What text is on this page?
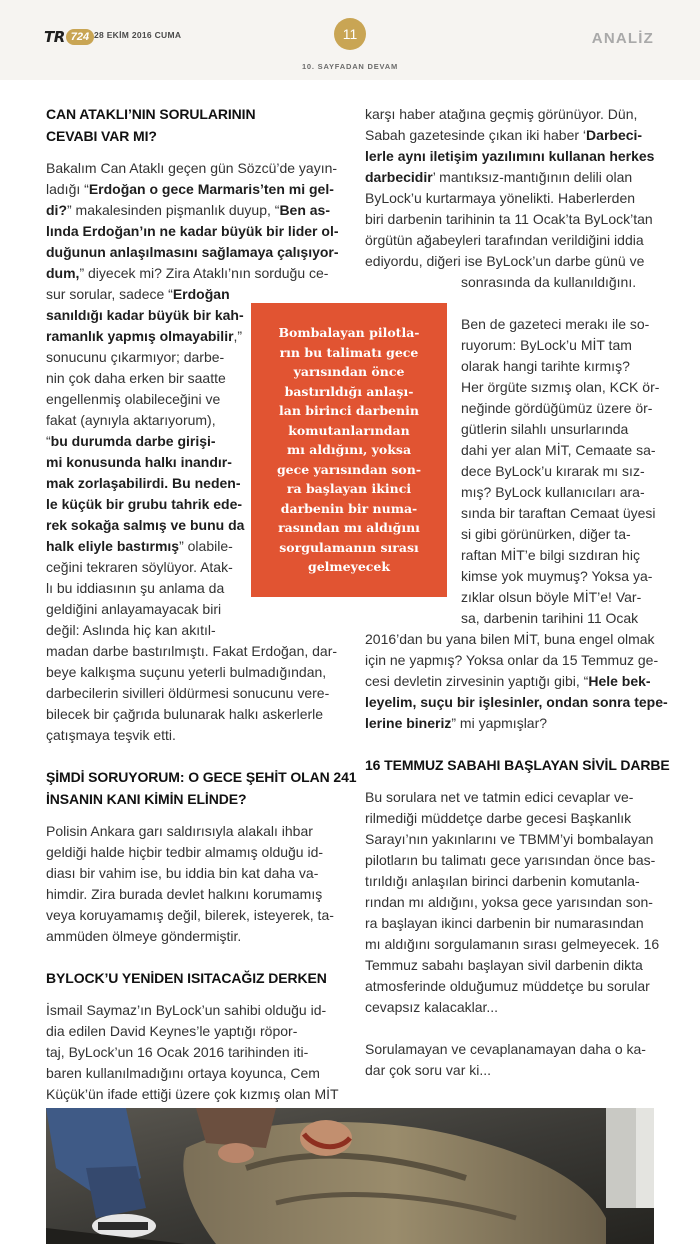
TR 724 28 EKİM 2016 CUMA	11
10. SAYFADAN DEVAM
ANALİZ
CAN ATAKLI’NIN SORULARININ
CEVABI VAR MI?
Bakalım Can Ataklı geçen gün Sözcü’de yayın-
ladığı “Erdoğan o gece Marmaris’ten mi gel-
di?” makalesinden pişmanlık duyup, “Ben as-
lında Erdoğan’ın ne kadar büyük bir lider ol-
duğunun anlaşılmasını sağlamaya çalışıyor-
dum,” diyecek mi? Zira Ataklı’nın sorduğu ce-
sur sorular, sadece “Erdoğan
sanıldığı kadar büyük bir kah-
ramanlık yapmış olmayabilir,”
sonucunu çıkarmıyor; darbe-
nin çok daha erken bir saatte
engellenmiş olabileceğini ve
fakat (aynıyla aktarıyorum),
“bu durumda darbe girişi-
mi konusunda halkı inandır-
mak zorlaşabilirdi. Bu neden-
le küçük bir grubu tahrik ede-
rek sokağa salmış ve bunu da
halk eliyle bastırmış” olabile-
ceğini tekraren söylüyor. Atak-
lı bu iddiasının şu anlama da
geldiğini anlayamayacak biri
değil: Aslında hiç kan akıtıl-
madan darbe bastırılmıştı. Fakat Erdoğan, dar-
beye kalkışma suçunu yeterli bulmadığından,
darbecilerin sivilleri öldürmesi sonucunu vere-
bilecek bir çağrıda bulunarak halkı askerlerle
çatışmaya teşvik etti.
ŞİMDİ SORUYORUM: O GECE ŞEHİT OLAN 241
İNSANIN KANI KİMİN ELİNDE?
Polisin Ankara garı saldırısıyla alakalı ihbar
geldiği halde hiçbir tedbir almamış olduğu id-
diası bir vahim ise, bu iddia bin kat daha va-
himdir. Zira burada devlet halkını korumamış
veya koruyamamış değil, bilerek, isteyerek, ta-
ammüden ölmeye göndermiştir.
BYLOCK’U YENİDEN ISITACAĞIZ DERKEN
İsmail Saymaz’ın ByLock’un sahibi olduğu id-
dia edilen David Keynes’le yaptığı röpor-
taj, ByLock’un 16 Ocak 2016 tarihinden iti-
baren kullanılmadığını ortaya koyunca, Cem
Küçük’ün ifade ettiği üzere çok kızmış olan MİT
karşı haber atağına geçmiş görünüyor. Dün,
Sabah gazetesinde çıkan iki haber ‘Darbeci-
lerle aynı iletişim yazılımını kullanan herkes
darbecidir’ mantıksız-mantığının delili olan
ByLock’u kurtarmaya yönelikti. Haberlerden
biri darbenin tarihinin ta 11 Ocak’ta ByLock’tan
örgütün ağabeyleri tarafından verildiğini iddia
ediyordu, diğeri ise ByLock’un darbe günü ve
sonrasında da kullanıldığını.
Ben de gazeteci merakı ile so-
ruyorum: ByLock’u MİT tam
olarak hangi tarihte kırmış?
Her örgüte sızmış olan, KCK ör-
neğinde gördüğümüz üzere ör-
gütlerin silahlı unsurlarında
dahi yer alan MİT, Cemaate sa-
dece ByLock’u kırarak mı sız-
mış? ByLock kullanıcıları ara-
sında bir taraftan Cemaat üyesi
si gibi görünürken, diğer ta-
raftan MİT’e bilgi sızdıran hiç
kimse yok muymuş? Yoksa ya-
zıklar olsun böyle MİT’e! Var-
sa, darbenin tarihini 11 Ocak
2016’dan bu yana bilen MİT, buna engel olmak
için ne yapmış? Yoksa onlar da 15 Temmuz ge-
cesi devletin zirvesinin yaptığı gibi, “Hele bek-
leyelim, suçu bir işlesinler, ondan sonra tepe-
lerine bineriz” mi yapmışlar?
16 TEMMUZ SABAHI BAŞLAYAN SİVİL DARBE
Bu sorulara net ve tatmin edici cevaplar ve-
rilmediği müddetçe darbe gecesi Başkanlık
Sarayı’nın yakınlarını ve TBMM’yi bombalayan
pilotların bu talimatı gece yarısından önce bas-
tırıldığı anlaşılan birinci darbenin komutanla-
rından mı aldığını, yoksa gece yarısından son-
ra başlayan ikinci darbenin bir numarasından
mı aldığını sorgulamanın sırası gelmeyecek. 16
Temmuz sabahı başlayan sivil darbenin dikta
atmosferinde olduğumuz müddetçe bu sorular
cevapsız kalacaklar...
Sorulamayan ve cevaplanamayan daha o ka-
dar çok soru var ki...
Bombalayan pilotla-
rın bu talimatı gece
yarısından önce
bastırıldığı anlaşı-
lan birinci darbenin
komutanlarından
mı aldığını, yoksa
gece yarısından son-
ra başlayan ikinci
darbenin bir numa-
rasından mı aldığını
sorgulamanın sırası
gelmeyecek
